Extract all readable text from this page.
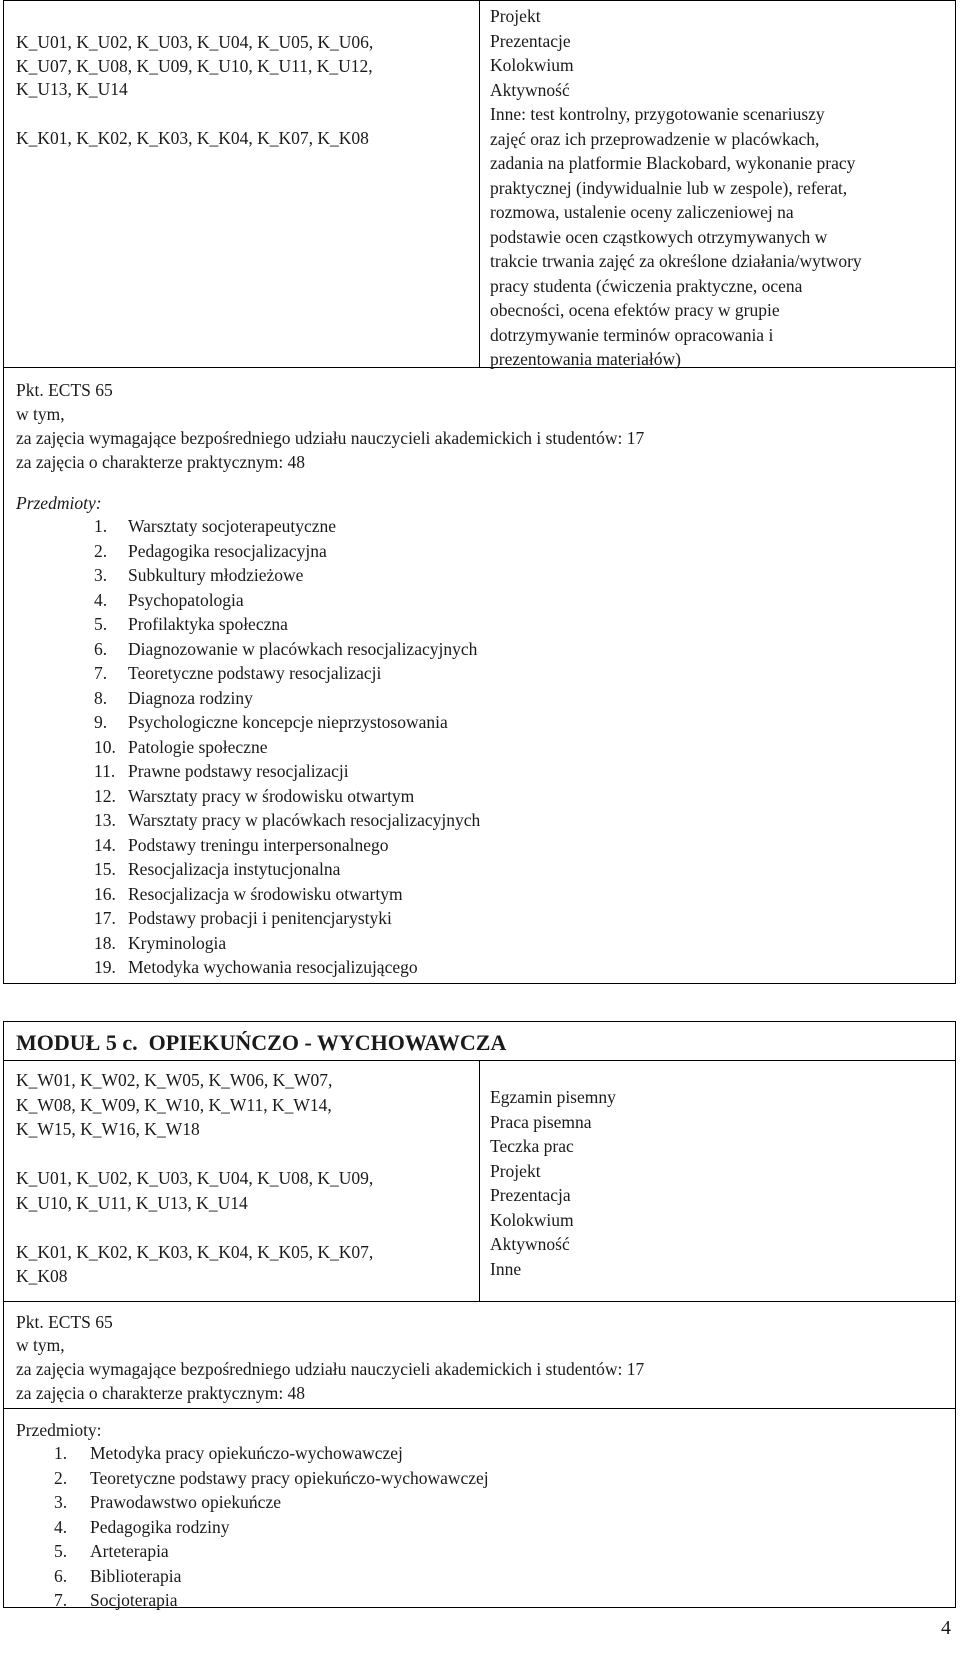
K_U01, K_U02, K_U03, K_U04, K_U05, K_U06,
K_U07, K_U08, K_U09, K_U10, K_U11, K_U12,
K_U13, K_U14
K_K01, K_K02, K_K03, K_K04, K_K07, K_K08
Projekt
Prezentacje
Kolokwium
Aktywność
Inne: test kontrolny, przygotowanie scenariuszy
zajęć oraz ich przeprowadzenie w placówkach,
zadania na platformie Blackobard, wykonanie pracy
praktycznej (indywidualnie lub w zespole), referat,
rozmowa, ustalenie oceny zaliczeniowej na
podstawie ocen cząstkowych otrzymywanych w
trakcie trwania zajęć za określone działania/wytwory
pracy studenta (ćwiczenia praktyczne, ocena
obecności, ocena efektów pracy w grupie
dotrzymywanie terminów opracowania i
prezentowania materiałów)
Pkt. ECTS 65
w tym,
za zajęcia wymagające bezpośredniego udziału nauczycieli akademickich i studentów: 17
za zajęcia o charakterze praktycznym: 48
Przedmioty:
1. Warsztaty socjoterapeutyczne
2. Pedagogika resocjalizacyjna
3. Subkultury młodzieżowe
4. Psychopatologia
5. Profilaktyka społeczna
6. Diagnozowanie w placówkach resocjalizacyjnych
7. Teoretyczne podstawy resocjalizacji
8. Diagnoza rodziny
9. Psychologiczne koncepcje nieprzystosowania
10. Patologie społeczne
11. Prawne podstawy resocjalizacji
12. Warsztaty pracy w środowisku otwartym
13. Warsztaty pracy w placówkach resocjalizacyjnych
14. Podstawy treningu interpersonalnego
15. Resocjalizacja instytucjonalna
16. Resocjalizacja w środowisku otwartym
17. Podstawy probacji i penitencjarystyki
18. Kryminologia
19. Metodyka wychowania resocjalizującego
MODUŁ 5 c. OPIEKUŃCZO - WYCHOWAWCZA
K_W01, K_W02, K_W05, K_W06, K_W07,
K_W08, K_W09, K_W10, K_W11, K_W14,
K_W15, K_W16, K_W18

K_U01, K_U02, K_U03, K_U04, K_U08, K_U09,
K_U10, K_U11, K_U13, K_U14

K_K01, K_K02, K_K03, K_K04, K_K05, K_K07,
K_K08
Egzamin pisemny
Praca pisemna
Teczka prac
Projekt
Prezentacja
Kolokwium
Aktywność
Inne
Pkt. ECTS 65
w tym,
za zajęcia wymagające bezpośredniego udziału nauczycieli akademickich i studentów: 17
za zajęcia o charakterze praktycznym: 48
Przedmioty:
1. Metodyka pracy opiekuńczo-wychowawczej
2. Teoretyczne podstawy pracy opiekuńczo-wychowawczej
3. Prawodawstwo opiekuńcze
4. Pedagogika rodziny
5. Arteterapia
6. Biblioterapia
7. Socjoterapia
4
